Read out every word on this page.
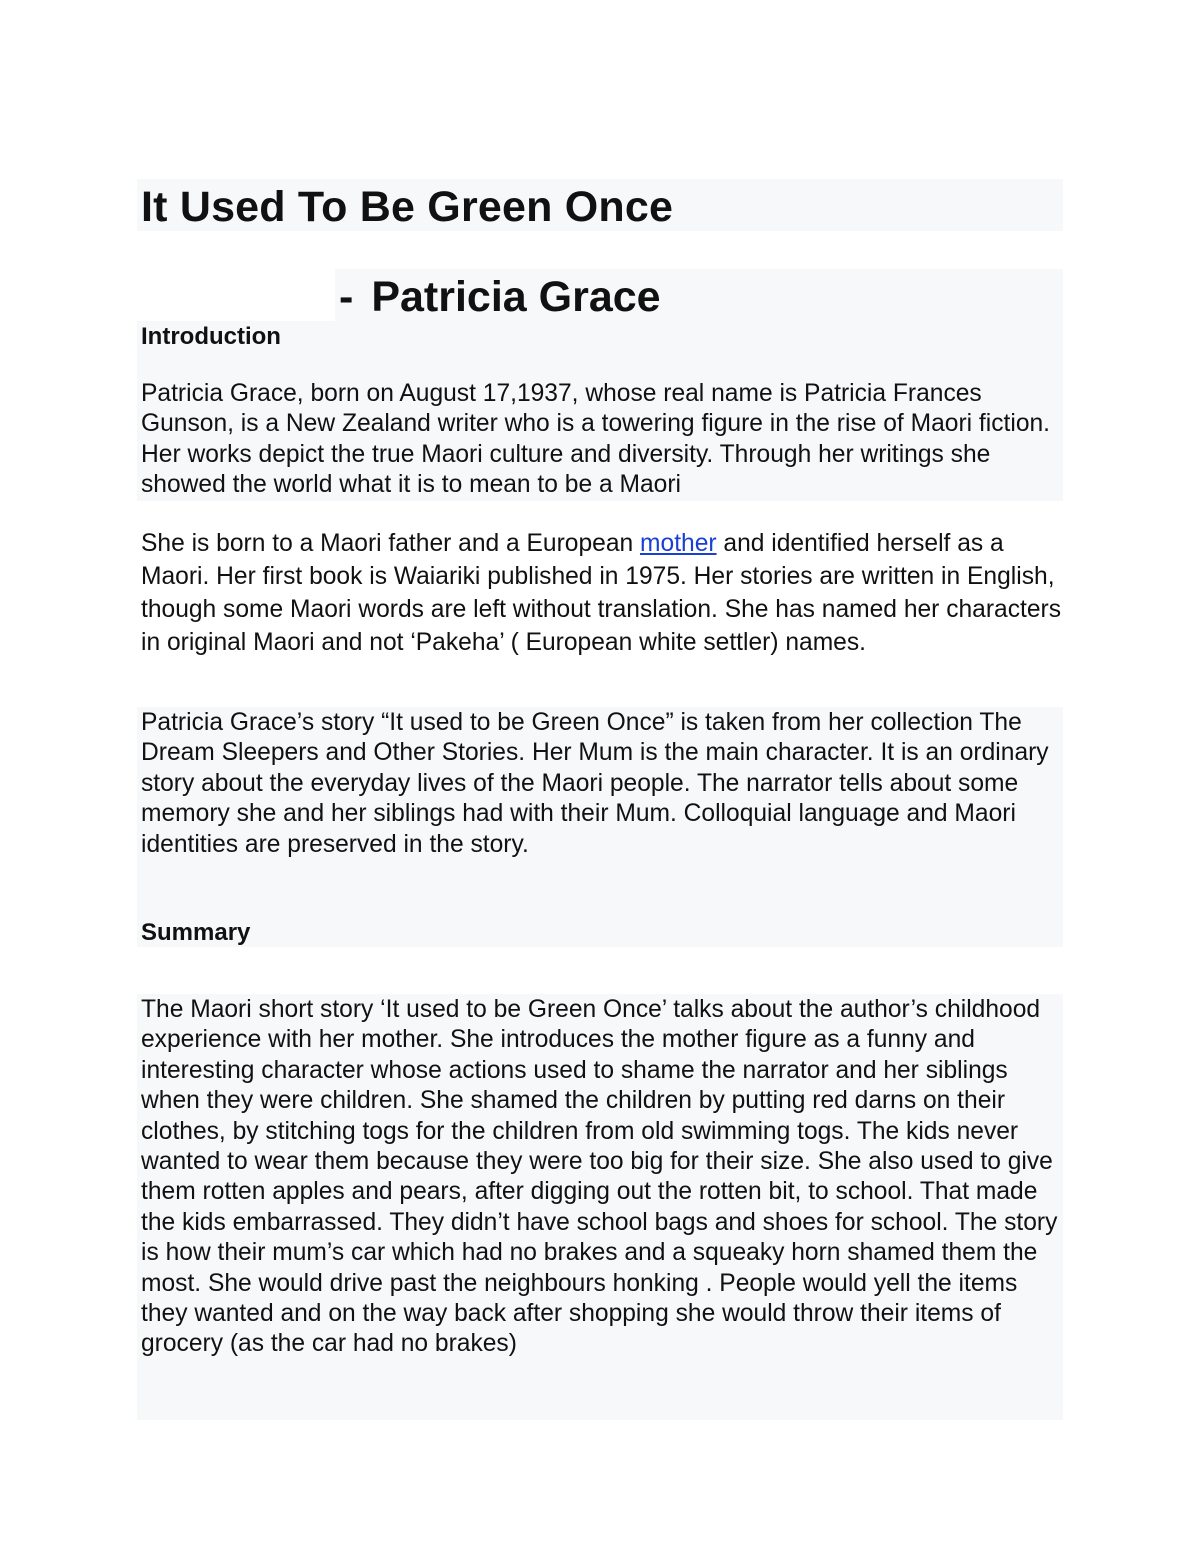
It Used To Be Green Once
- Patricia Grace
Introduction

Patricia Grace, born on August 17,1937, whose real name is Patricia Frances Gunson, is a New Zealand writer who is a towering figure in the rise of Maori fiction. Her works depict the true Maori culture and diversity. Through her writings she showed the world what it is to mean to be a Maori

She is born to a Maori father and a European mother and identified herself as a Maori. Her first book is Waiariki published in 1975. Her stories are written in English, though some Maori words are left without translation. She has named her characters in original Maori and not ‘Pakeha’ ( European white settler) names.

Patricia Grace’s story “It used to be Green Once” is taken from her collection The Dream Sleepers and Other Stories. Her Mum is the main character. It is an ordinary story about the everyday lives of the Maori people. The narrator tells about some memory she and her siblings had with their Mum. Colloquial language and Maori identities are preserved in the story.

Summary

The Maori short story ‘It used to be Green Once’ talks about the author’s childhood experience with her mother. She introduces the mother figure as a funny and interesting character whose actions used to shame the narrator and her siblings when they were children. She shamed the children by putting red darns on their clothes, by stitching togs for the children from old swimming togs. The kids never wanted to wear them because they were too big for their size. She also used to give them rotten apples and pears, after digging out the rotten bit, to school. That made the kids embarrassed. They didn’t have school bags and shoes for school. The story is how their mum’s car which had no brakes and a squeaky horn shamed them the most. She would drive past the neighbours honking . People would yell the items they wanted and on the way back after shopping she would throw their items of grocery (as the car had no brakes)
